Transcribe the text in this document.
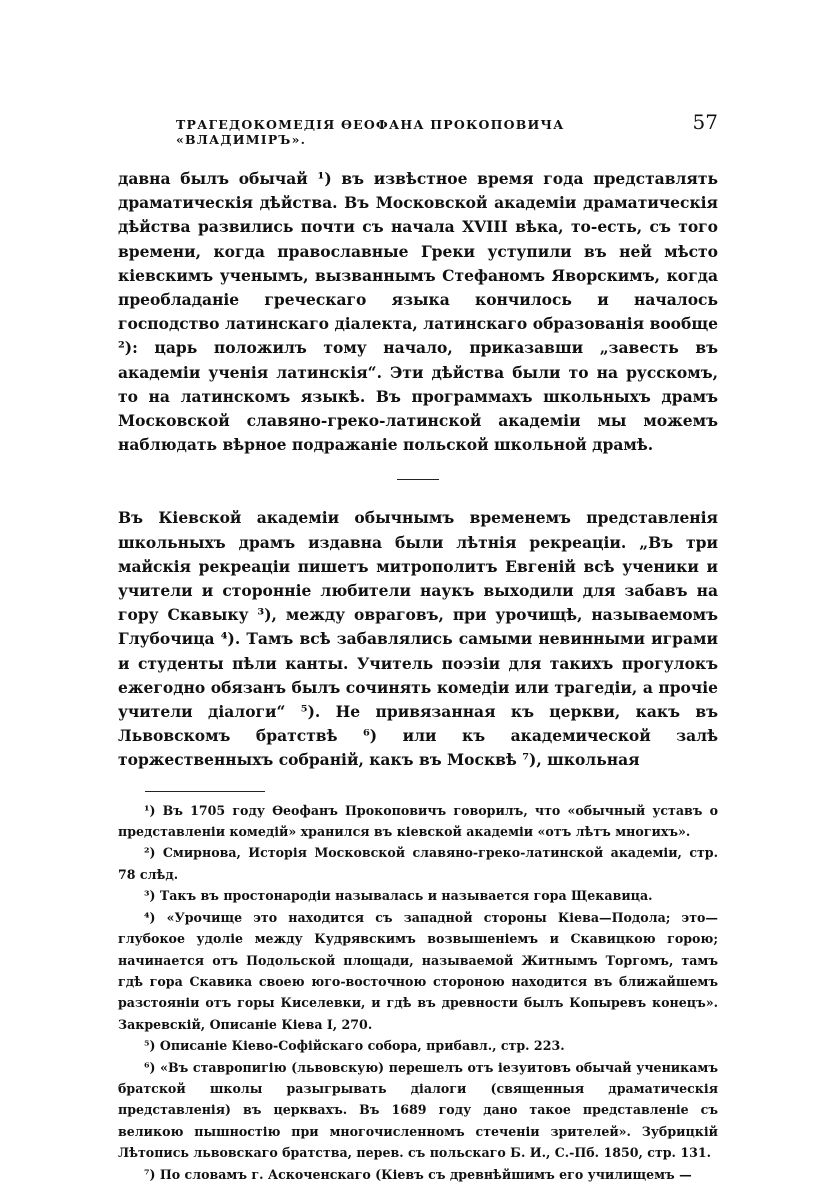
ТРАГЕДОКОМЕДІЯ ѲЕОФАНА ПРОКОПОВИЧА «ВЛАДИМІРЪ».
57

давна былъ обычай ¹) въ извѣстное время года представлять драматическія дѣйства. Въ Московской академіи драматическія дѣйства развились почти съ начала XVIII вѣка, то-есть, съ того времени, когда православные Греки уступили въ ней мѣсто кіевскимъ ученымъ, вызваннымъ Стефаномъ Яворскимъ, когда преобладаніе греческаго языка кончилось и началось господство латинскаго діалекта, латинскаго образованія вообще ²): царь положилъ тому начало, приказавши „завесть въ академіи ученія латинскія“. Эти дѣйства были то на русскомъ, то на латинскомъ языкѣ. Въ программахъ школьныхъ драмъ Московской славяно-греко-латинской академіи мы можемъ наблюдать вѣрное подражаніе польской школьной драмѣ.

Въ Кіевской академіи обычнымъ временемъ представленія школьныхъ драмъ издавна были лѣтнія рекреаціи. „Въ три майскія рекреаціи пишетъ митрополитъ Евгеній всѣ ученики и учители и сторонніе любители наукъ выходили для забавъ на гору Скавыку ³), между овраговъ, при урочищѣ, называемомъ Глубочица ⁴). Тамъ всѣ забавлялись самыми невинными играми и студенты пѣли канты. Учитель поэзіи для такихъ прогулокъ ежегодно обязанъ былъ сочинять комедіи или трагедіи, а прочіе учители діалоги“ ⁵). Не привязанная къ церкви, какъ въ Львовскомъ братствѣ ⁶) или къ академической залѣ торжественныхъ собраній, какъ въ Москвѣ ⁷), школьная

¹) Въ 1705 году Ѳеофанъ Прокоповичъ говорилъ, что «обычный уставъ о представленіи комедій» хранился въ кіевской академіи «отъ лѣтъ многихъ».

²) Смирнова, Исторія Московской славяно-греко-латинской академіи, стр. 78 слѣд.

³) Такъ въ простонародіи называлась и называется гора Щекавица.

⁴) «Урочище это находится съ западной стороны Кіева—Подола; это—глубокое удоліе между Кудрявскимъ возвышеніемъ и Скавицкою горою; начинается отъ Подольской площади, называемой Житнымъ Торгомъ, тамъ гдѣ гора Скавика своею юго-восточною стороною находится въ ближайшемъ разстояніи отъ горы Киселевки, и гдѣ въ древности былъ Копыревъ конецъ». Закревскій, Описаніе Кіева I, 270.

⁵) Описаніе Кіево-Софійскаго собора, прибавл., стр. 223.

⁶) «Въ ставропигію (львовскую) перешелъ отъ іезуитовъ обычай ученикамъ братской школы разыгрывать діалоги (священныя драматическія представленія) въ церквахъ. Въ 1689 году дано такое представленіе съ великою пышностію при многочисленномъ стеченіи зрителей». Зубрицкій Лѣтопись львовскаго братства, перев. съ польскаго Б. И., С.-Пб. 1850, стр. 131.

⁷) По словамъ г. Аскоченскаго (Кіевъ съ древнѣйшимъ его училищемъ —
